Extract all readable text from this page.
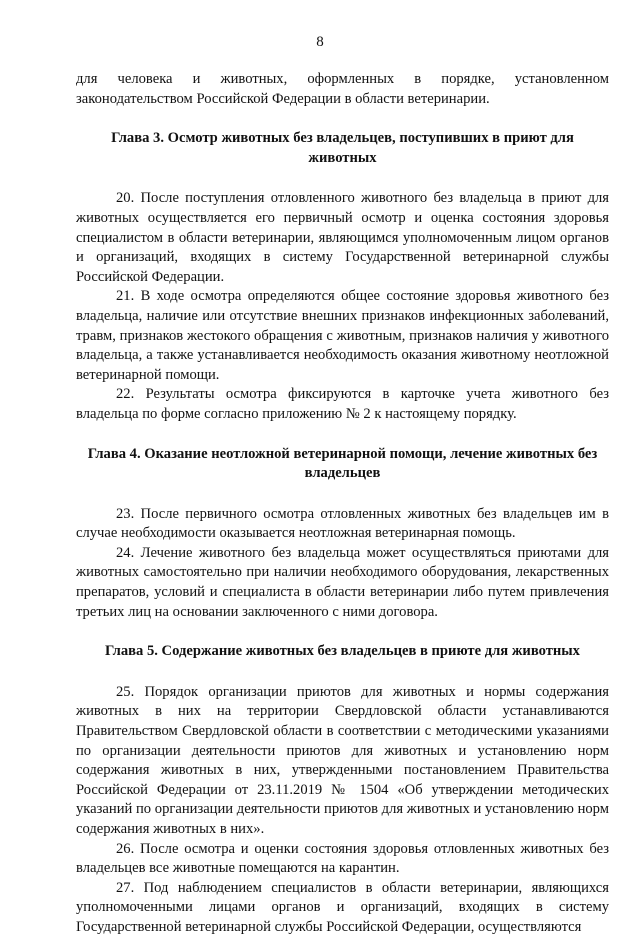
8

для человека и животных, оформленных в порядке, установленном законодательством Российской Федерации в области ветеринарии.

Глава 3. Осмотр животных без владельцев, поступивших в приют для животных

20. После поступления отловленного животного без владельца в приют для животных осуществляется его первичный осмотр и оценка состояния здоровья специалистом в области ветеринарии, являющимся уполномоченным лицом органов и организаций, входящих в систему Государственной ветеринарной службы Российской Федерации.

21. В ходе осмотра определяются общее состояние здоровья животного без владельца, наличие или отсутствие внешних признаков инфекционных заболеваний, травм, признаков жестокого обращения с животным, признаков наличия у животного владельца, а также устанавливается необходимость оказания животному неотложной ветеринарной помощи.

22. Результаты осмотра фиксируются в карточке учета животного без владельца по форме согласно приложению № 2 к настоящему порядку.

Глава 4. Оказание неотложной ветеринарной помощи, лечение животных без владельцев

23. После первичного осмотра отловленных животных без владельцев им в случае необходимости оказывается неотложная ветеринарная помощь.

24. Лечение животного без владельца может осуществляться приютами для животных самостоятельно при наличии необходимого оборудования, лекарственных препаратов, условий и специалиста в области ветеринарии либо путем привлечения третьих лиц на основании заключенного с ними договора.

Глава 5. Содержание животных без владельцев в приюте для животных

25. Порядок организации приютов для животных и нормы содержания животных в них на территории Свердловской области устанавливаются Правительством Свердловской области в соответствии с методическими указаниями по организации деятельности приютов для животных и установлению норм содержания животных в них, утвержденными постановлением Правительства Российской Федерации от 23.11.2019 № 1504 «Об утверждении методических указаний по организации деятельности приютов для животных и установлению норм содержания животных в них».

26. После осмотра и оценки состояния здоровья отловленных животных без владельцев все животные помещаются на карантин.

27. Под наблюдением специалистов в области ветеринарии, являющихся уполномоченными лицами органов и организаций, входящих в систему Государственной ветеринарной службы Российской Федерации, осуществляются
